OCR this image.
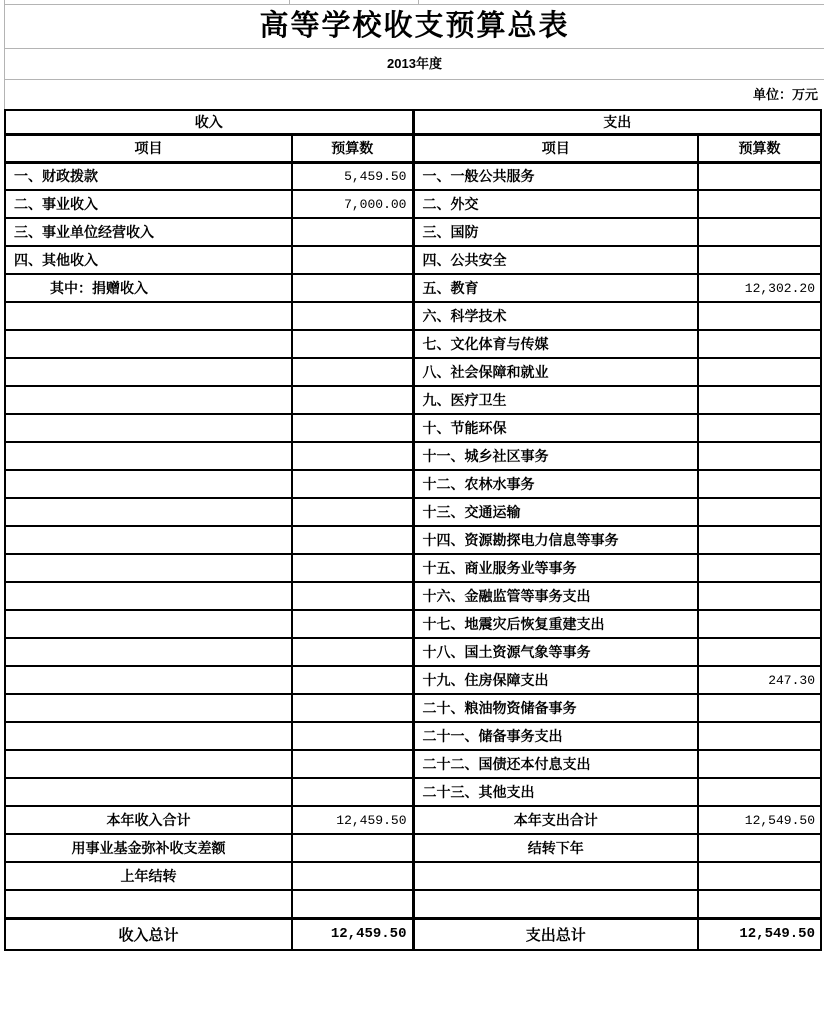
高等学校收支预算总表
2013年度
单位：万元
收入		支出	
项目	预算数	项目	预算数
一、财政拨款	5,459.50	一、一般公共服务	
二、事业收入	7,000.00	二、外交	
三、事业单位经营收入		三、国防	
四、其他收入		四、公共安全	
其中：捐赠收入		五、教育	12,302.20
		六、科学技术	
		七、文化体育与传媒	
		八、社会保障和就业	
		九、医疗卫生	
		十、节能环保	
		十一、城乡社区事务	
		十二、农林水事务	
		十三、交通运输	
		十四、资源勘探电力信息等事务	
		十五、商业服务业等事务	
		十六、金融监管等事务支出	
		十七、地震灾后恢复重建支出	
		十八、国土资源气象等事务	
		十九、住房保障支出	247.30
		二十、粮油物资储备事务	
		二十一、储备事务支出	
		二十二、国债还本付息支出	
		二十三、其他支出	
本年收入合计	12,459.50	本年支出合计	12,549.50
用事业基金弥补收支差额		结转下年	
上年结转			

收入总计	12,459.50	支出总计	12,549.50
